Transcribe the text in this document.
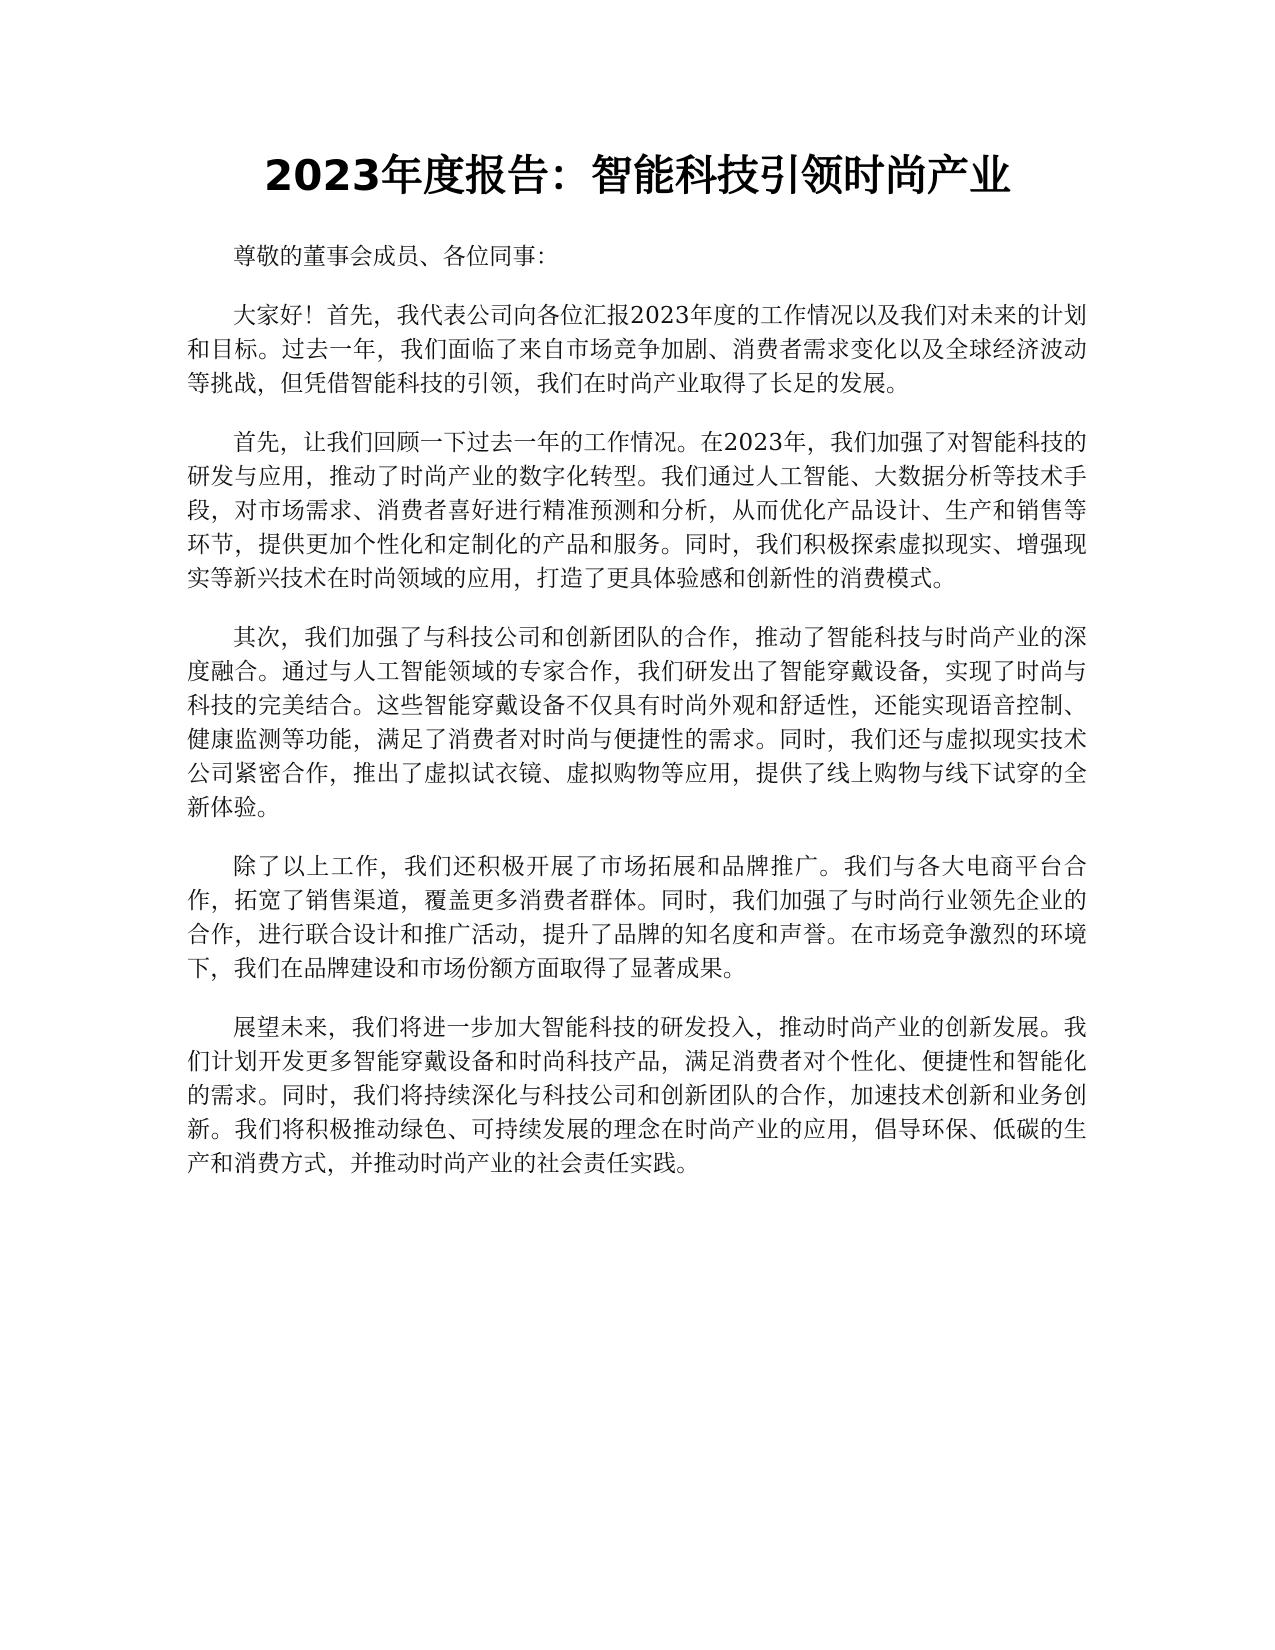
2023年度报告：智能科技引领时尚产业

尊敬的董事会成员、各位同事：

大家好！首先，我代表公司向各位汇报2023年度的工作情况以及我们对未来的计划和目标。过去一年，我们面临了来自市场竞争加剧、消费者需求变化以及全球经济波动等挑战，但凭借智能科技的引领，我们在时尚产业取得了长足的发展。

首先，让我们回顾一下过去一年的工作情况。在2023年，我们加强了对智能科技的研发与应用，推动了时尚产业的数字化转型。我们通过人工智能、大数据分析等技术手段，对市场需求、消费者喜好进行精准预测和分析，从而优化产品设计、生产和销售等环节，提供更加个性化和定制化的产品和服务。同时，我们积极探索虚拟现实、增强现实等新兴技术在时尚领域的应用，打造了更具体验感和创新性的消费模式。

其次，我们加强了与科技公司和创新团队的合作，推动了智能科技与时尚产业的深度融合。通过与人工智能领域的专家合作，我们研发出了智能穿戴设备，实现了时尚与科技的完美结合。这些智能穿戴设备不仅具有时尚外观和舒适性，还能实现语音控制、健康监测等功能，满足了消费者对时尚与便捷性的需求。同时，我们还与虚拟现实技术公司紧密合作，推出了虚拟试衣镜、虚拟购物等应用，提供了线上购物与线下试穿的全新体验。

除了以上工作，我们还积极开展了市场拓展和品牌推广。我们与各大电商平台合作，拓宽了销售渠道，覆盖更多消费者群体。同时，我们加强了与时尚行业领先企业的合作，进行联合设计和推广活动，提升了品牌的知名度和声誉。在市场竞争激烈的环境下，我们在品牌建设和市场份额方面取得了显著成果。

展望未来，我们将进一步加大智能科技的研发投入，推动时尚产业的创新发展。我们计划开发更多智能穿戴设备和时尚科技产品，满足消费者对个性化、便捷性和智能化的需求。同时，我们将持续深化与科技公司和创新团队的合作，加速技术创新和业务创新。我们将积极推动绿色、可持续发展的理念在时尚产业的应用，倡导环保、低碳的生产和消费方式，并推动时尚产业的社会责任实践。
